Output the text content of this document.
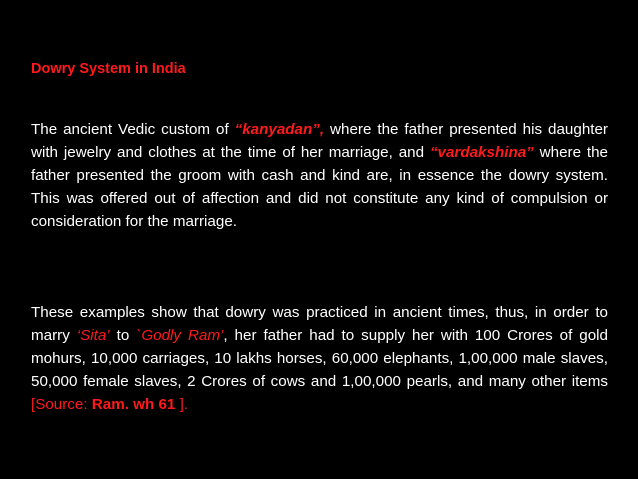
Dowry System in India

The ancient Vedic custom of “kanyadan”, where the father presented his daughter with jewelry and clothes at the time of her marriage, and “vardakshina” where the father presented the groom with cash and kind are, in essence the dowry system. This was offered out of affection and did not constitute any kind of compulsion or consideration for the marriage.

These examples show that dowry was practiced in ancient times, thus, in order to marry ‘Sita’ to `Godly Ram’, her father had to supply her with 100 Crores of gold mohurs, 10,000 carriages, 10 lakhs horses, 60,000 elephants, 1,00,000 male slaves, 50,000 female slaves, 2 Crores of cows and 1,00,000 pearls, and many other items [Source: Ram. wh 61 ].
